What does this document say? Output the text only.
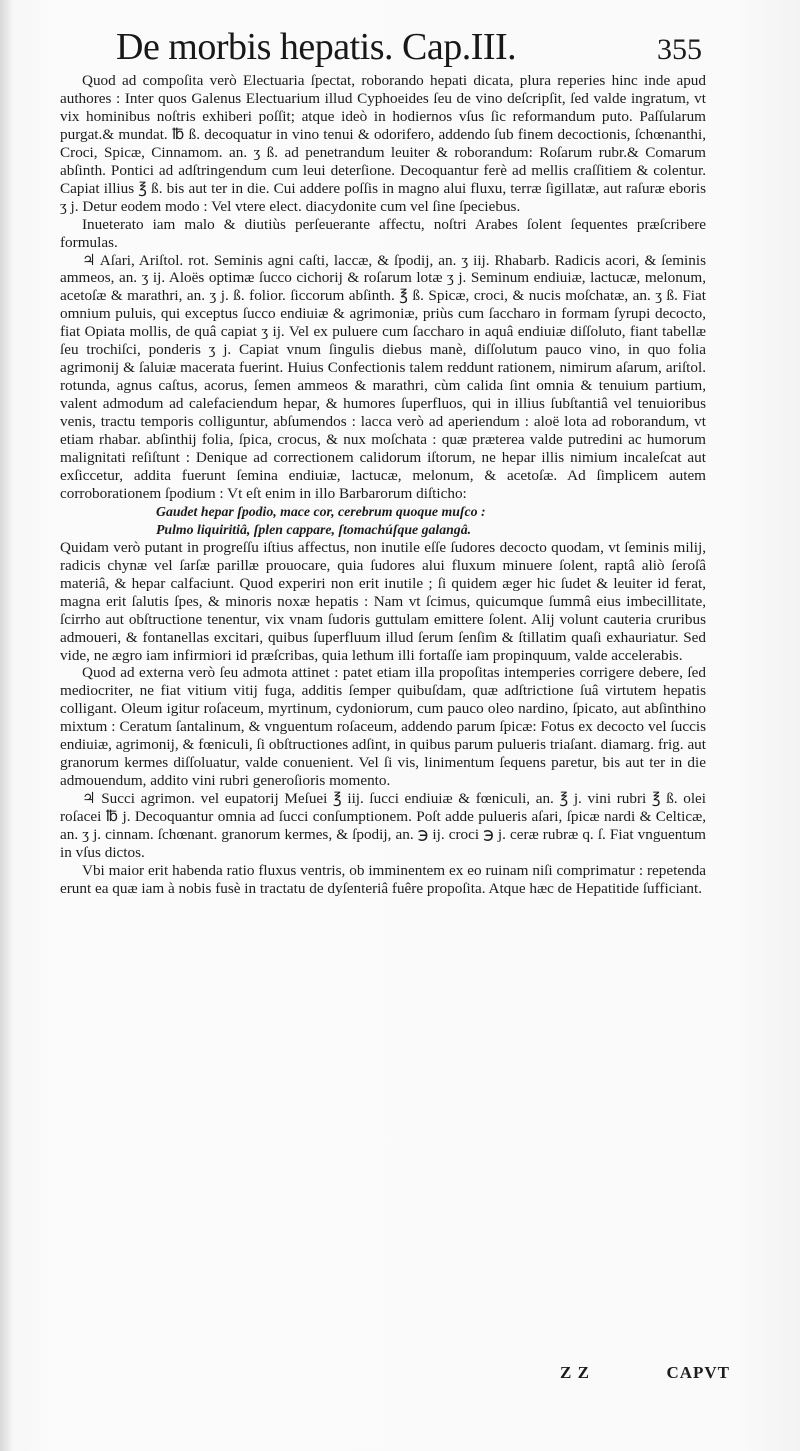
De morbis hepatis. Cap.III.	355

Quod ad compoſita verò Electuaria ſpectat, roborando hepati dicata, plura reperies hinc inde apud authores : Inter quos Galenus Electuarium illud Cyphoeides ſeu de vino deſcripſit, ſed valde ingratum, vt vix hominibus noſtris exhiberi poſſit; atque ideò in hodiernos vſus ſic reformandum puto. Paſſularum purgat.& mundat. ℔ ß. decoquatur in vino tenui & odorifero, addendo ſub finem decoctionis, ſchœnanthi, Croci, Spicæ, Cinnamom. an. ʒ ß. ad penetrandum leuiter & roborandum: Roſarum rubr.& Comarum abſinth. Pontici ad adſtringendum cum leui deterſione. Decoquantur ferè ad mellis craſſitiem & colentur. Capiat illius ℥ ß. bis aut ter in die. Cui addere poſſis in magno alui fluxu, terræ ſigillatæ, aut raſuræ eboris ʒ j. Detur eodem modo : Vel vtere elect. diacydonite cum vel ſine ſpeciebus.

Inueterato iam malo & diutiùs perſeuerante affectu, noſtri Arabes ſolent ſequentes præſcribere formulas.

♃ Aſari, Ariſtol. rot. Seminis agni caſti, laccæ, & ſpodij, an. ʒ iij. Rhabarb. Radicis acori, & ſeminis ammeos, an. ʒ ij. Aloës optimæ ſucco cichorij & roſarum lotæ ʒ j. Seminum endiuiæ, lactucæ, melonum, acetoſæ & marathri, an. ʒ j. ß. folior. ſiccorum abſinth. ℥ ß. Spicæ, croci, & nucis moſchatæ, an. ʒ ß. Fiat omnium puluis, qui exceptus ſucco endiuiæ & agrimoniæ, priùs cum ſaccharo in formam ſyrupi decocto, fiat Opiata mollis, de quâ capiat ʒ ij. Vel ex puluere cum ſaccharo in aquâ endiuiæ diſſoluto, fiant tabellæ ſeu trochiſci, ponderis ʒ j. Capiat vnum ſingulis diebus manè, diſſolutum pauco vino, in quo folia agrimonij & ſaluiæ macerata fuerint. Huius Confectionis talem reddunt rationem, nimirum aſarum, ariſtol. rotunda, agnus caſtus, acorus, ſemen ammeos & marathri, cùm calida ſint omnia & tenuium partium, valent admodum ad calefaciendum hepar, & humores ſuperfluos, qui in illius ſubſtantiâ vel tenuioribus venis, tractu temporis colliguntur, abſumendos : lacca verò ad aperiendum : aloë lota ad roborandum, vt etiam rhabar. abſinthij folia, ſpica, crocus, & nux moſchata : quæ præterea valde putredini ac humorum malignitati reſiſtunt : Denique ad correctionem calidorum iſtorum, ne hepar illis nimium incaleſcat aut exſiccetur, addita fuerunt ſemina endiuiæ, lactucæ, melonum, & acetoſæ. Ad ſimplicem autem corroborationem ſpodium : Vt eſt enim in illo Barbarorum diſticho:

Gaudet hepar ſpodio, mace cor, cerebrum quoque muſco :

Pulmo liquiritiâ, ſplen cappare, ſtomachúſque galangâ.

Quidam verò putant in progreſſu iſtius affectus, non inutile eſſe ſudores decocto quodam, vt ſeminis milij, radicis chynæ vel ſarſæ parillæ prouocare, quia ſudores alui fluxum minuere ſolent, raptâ aliò ſeroſâ materiâ, & hepar calfaciunt. Quod experiri non erit inutile ; ſi quidem æger hic ſudet & leuiter id ferat, magna erit ſalutis ſpes, & minoris noxæ hepatis : Nam vt ſcimus, quicumque ſummâ eius imbecillitate, ſcirrho aut obſtructione tenentur, vix vnam ſudoris guttulam emittere ſolent. Alij volunt cauteria cruribus admoueri, & fontanellas excitari, quibus ſuperfluum illud ſerum ſenſim & ſtillatim quaſi exhauriatur. Sed vide, ne ægro iam infirmiori id præſcribas, quia lethum illi fortaſſe iam propinquum, valde accelerabis.

Quod ad externa verò ſeu admota attinet : patet etiam illa propoſitas intemperies corrigere debere, ſed mediocriter, ne fiat vitium vitij fuga, additis ſemper quibuſdam, quæ adſtrictione ſuâ virtutem hepatis colligant. Oleum igitur roſaceum, myrtinum, cydoniorum, cum pauco oleo nardino, ſpicato, aut abſinthino mixtum : Ceratum ſantalinum, & vnguentum roſaceum, addendo parum ſpicæ: Fotus ex decocto vel ſuccis endiuiæ, agrimonij, & fœniculi, ſi obſtructiones adſint, in quibus parum pulueris triaſant. diamarg. frig. aut granorum kermes diſſoluatur, valde conuenient. Vel ſi vis, linimentum ſequens paretur, bis aut ter in die admouendum, addito vini rubri generoſioris momento.

♃ Succi agrimon. vel eupatorij Meſuei ℥ iij. ſucci endiuiæ & fœniculi, an. ℥ j. vini rubri ℥ ß. olei roſacei ℔ j. Decoquantur omnia ad ſucci conſumptionem. Poſt adde pulueris aſari, ſpicæ nardi & Celticæ, an. ʒ j. cinnam. ſchœnant. granorum kermes, & ſpodij, an. ℈ ij. croci ℈ j. ceræ rubræ q. ſ. Fiat vnguentum in vſus dictos.

Vbi maior erit habenda ratio fluxus ventris, ob imminentem ex eo ruinam niſi comprimatur : repetenda erunt ea quæ iam à nobis fusè in tractatu de dyſenteriâ fuêre propoſita. Atque hæc de Hepatitide ſufficiant.

Z Z	CAPVT
